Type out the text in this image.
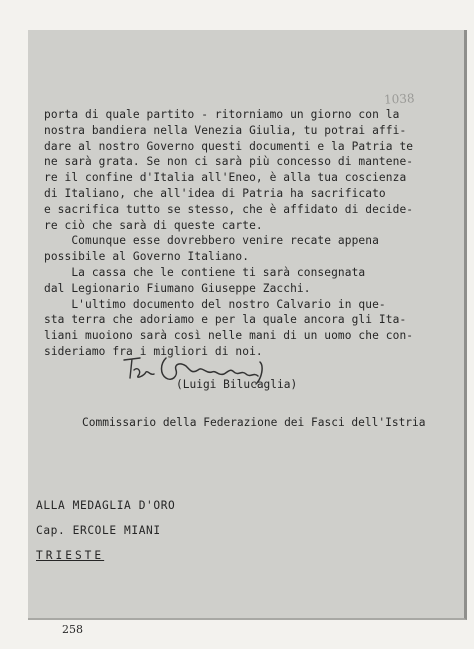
1038
porta di quale partito - ritorniamo un giorno con la
nostra bandiera nella Venezia Giulia, tu potrai affi-
dare al nostro Governo questi documenti e la Patria te
ne sarà grata. Se non ci sarà più concesso di mantene-
re il confine d'Italia all'Eneo, è alla tua coscienza
di Italiano, che all'idea di Patria ha sacrificato
e sacrifica tutto se stesso, che è affidato di decide-
re ciò che sarà di queste carte.
Comunque esse dovrebbero venire recate appena
possibile al Governo Italiano.
La cassa che le contiene ti sarà consegnata
dal Legionario Fiumano Giuseppe Zacchi.
L'ultimo documento del nostro Calvario in que-
sta terra che adoriamo e per la quale ancora gli Ita-
liani muoiono sarà così nelle mani di un uomo che con-
sideriamo fra i migliori di noi.
(Luigi Bilucaglia)
Commissario della Federazione dei Fasci dell'Istria
ALLA MEDAGLIA D'ORO
Cap. ERCOLE MIANI
TRIESTE
258
